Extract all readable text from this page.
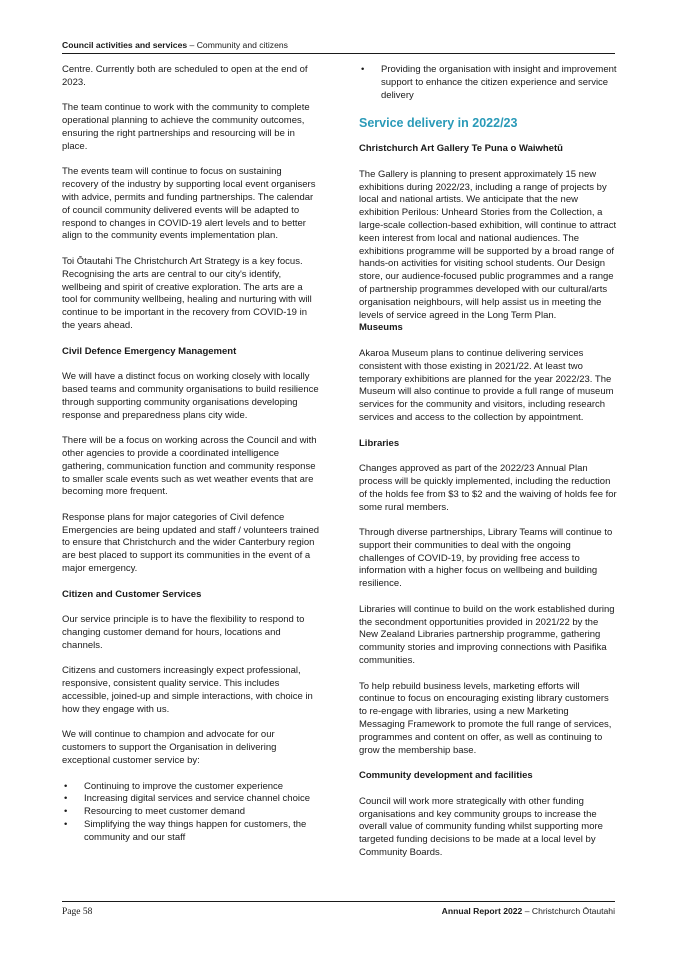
Council activities and services – Community and citizens

Centre. Currently both are scheduled to open at the end of 2023.

The team continue to work with the community to complete operational planning to achieve the community outcomes, ensuring the right partnerships and resourcing will be in place.

The events team will continue to focus on sustaining recovery of the industry by supporting local event organisers with advice, permits and funding partnerships. The calendar of council community delivered events will be adapted to respond to changes in COVID-19 alert levels and to better align to the community events implementation plan.

Toi Ōtautahi The Christchurch Art Strategy is a key focus. Recognising the arts are central to our city's identify, wellbeing and spirit of creative exploration. The arts are a tool for community wellbeing, healing and nurturing with will continue to be important in the recovery from COVID-19 in the years ahead.

Civil Defence Emergency Management

We will have a distinct focus on working closely with locally based teams and community organisations to build resilience through supporting community organisations developing response and preparedness plans city wide.

There will be a focus on working across the Council and with other agencies to provide a coordinated intelligence gathering, communication function and community response to smaller scale events such as wet weather events that are becoming more frequent.

Response plans for major categories of Civil defence Emergencies are being updated and staff / volunteers trained to ensure that Christchurch and the wider Canterbury region are best placed to support its communities in the event of a major emergency.

Citizen and Customer Services

Our service principle is to have the flexibility to respond to changing customer demand for hours, locations and channels.

Citizens and customers increasingly expect professional, responsive, consistent quality service. This includes accessible, joined-up and simple interactions, with choice in how they engage with us.

We will continue to champion and advocate for our customers to support the Organisation in delivering exceptional customer service by:

• Continuing to improve the customer experience
• Increasing digital services and service channel choice
• Resourcing to meet customer demand
• Simplifying the way things happen for customers, the community and our staff
• Providing the organisation with insight and improvement support to enhance the citizen experience and service delivery
Service delivery in 2022/23
Christchurch Art Gallery Te Puna o Waiwhetū

The Gallery is planning to present approximately 15 new exhibitions during 2022/23, including a range of projects by local and national artists. We anticipate that the new exhibition Perilous: Unheard Stories from the Collection, a large-scale collection-based exhibition, will continue to attract keen interest from local and national audiences. The exhibitions programme will be supported by a broad range of hands-on activities for visiting school students. Our Design store, our audience-focused public programmes and a range of partnership programmes developed with our cultural/arts organisation neighbours, will help assist us in meeting the levels of service agreed in the Long Term Plan.

Museums

Akaroa Museum plans to continue delivering services consistent with those existing in 2021/22. At least two temporary exhibitions are planned for the year 2022/23. The Museum will also continue to provide a full range of museum services for the community and visitors, including research services and access to the collection by appointment.

Libraries

Changes approved as part of the 2022/23 Annual Plan process will be quickly implemented, including the reduction of the holds fee from $3 to $2 and the waiving of holds fee for some rural members.

Through diverse partnerships, Library Teams will continue to support their communities to deal with the ongoing challenges of COVID-19, by providing free access to information with a higher focus on wellbeing and building resilience.

Libraries will continue to build on the work established during the secondment opportunities provided in 2021/22 by the New Zealand Libraries partnership programme, gathering community stories and improving connections with Pasifika communities.

To help rebuild business levels, marketing efforts will continue to focus on encouraging existing library customers to re-engage with libraries, using a new Marketing Messaging Framework to promote the full range of services, programmes and content on offer, as well as continuing to grow the membership base.

Community development and facilities

Council will work more strategically with other funding organisations and key community groups to increase the overall value of community funding whilst supporting more targeted funding decisions to be made at a local level by Community Boards.

Page 58	Annual Report 2022 – Christchurch Ōtautahi
